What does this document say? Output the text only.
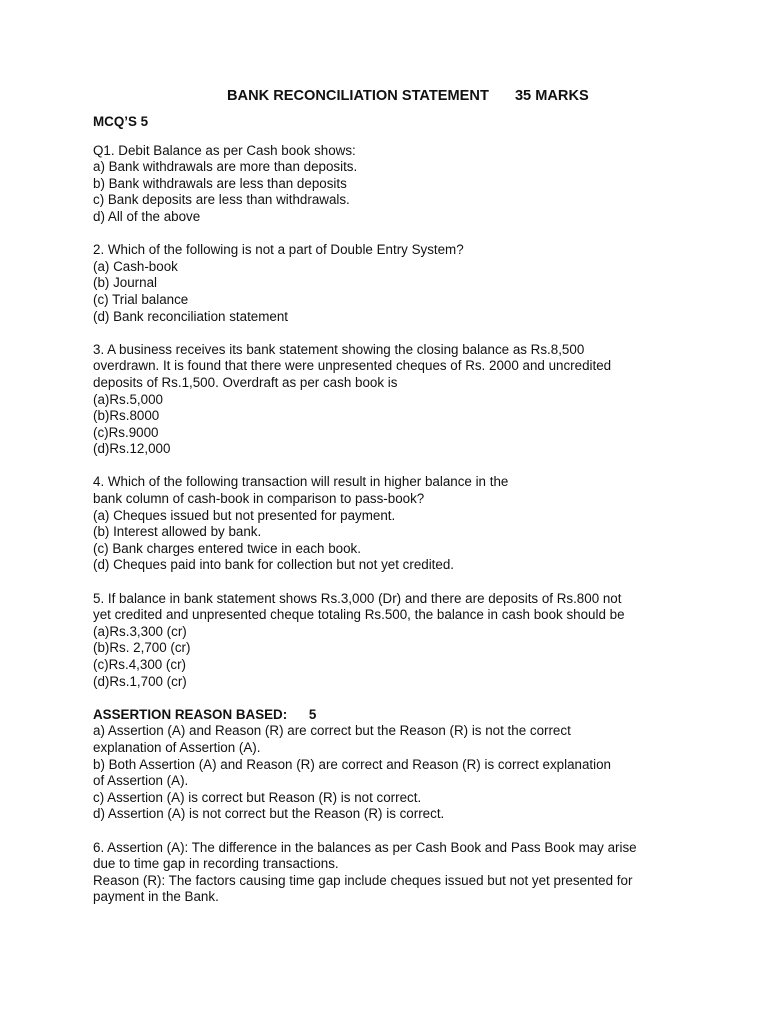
BANK RECONCILIATION STATEMENT 35 MARKS
MCQ’S 5

Q1. Debit Balance as per Cash book shows:

a) Bank withdrawals are more than deposits.

b) Bank withdrawals are less than deposits

c) Bank deposits are less than withdrawals.

d) All of the above

2. Which of the following is not a part of Double Entry System?

(a) Cash-book

(b) Journal

(c) Trial balance

(d) Bank reconciliation statement

3. A business receives its bank statement showing the closing balance as Rs.8,500

overdrawn. It is found that there were unpresented cheques of Rs. 2000 and uncredited

deposits of Rs.1,500. Overdraft as per cash book is

(a)Rs.5,000

(b)Rs.8000

(c)Rs.9000

(d)Rs.12,000

4. Which of the following transaction will result in higher balance in the

bank column of cash-book in comparison to pass-book?

(a) Cheques issued but not presented for payment.

(b) Interest allowed by bank.

(c) Bank charges entered twice in each book.

(d) Cheques paid into bank for collection but not yet credited.

5. If balance in bank statement shows Rs.3,000 (Dr) and there are deposits of Rs.800 not

yet credited and unpresented cheque totaling Rs.500, the balance in cash book should be

(a)Rs.3,300 (cr)

(b)Rs. 2,700 (cr)

(c)Rs.4,300 (cr)

(d)Rs.1,700 (cr)

ASSERTION REASON BASED: 5

a) Assertion (A) and Reason (R) are correct but the Reason (R) is not the correct

explanation of Assertion (A).

b) Both Assertion (A) and Reason (R) are correct and Reason (R) is correct explanation

of Assertion (A).

c) Assertion (A) is correct but Reason (R) is not correct.

d) Assertion (A) is not correct but the Reason (R) is correct.

6. Assertion (A): The difference in the balances as per Cash Book and Pass Book may arise

due to time gap in recording transactions.

Reason (R): The factors causing time gap include cheques issued but not yet presented for

payment in the Bank.
